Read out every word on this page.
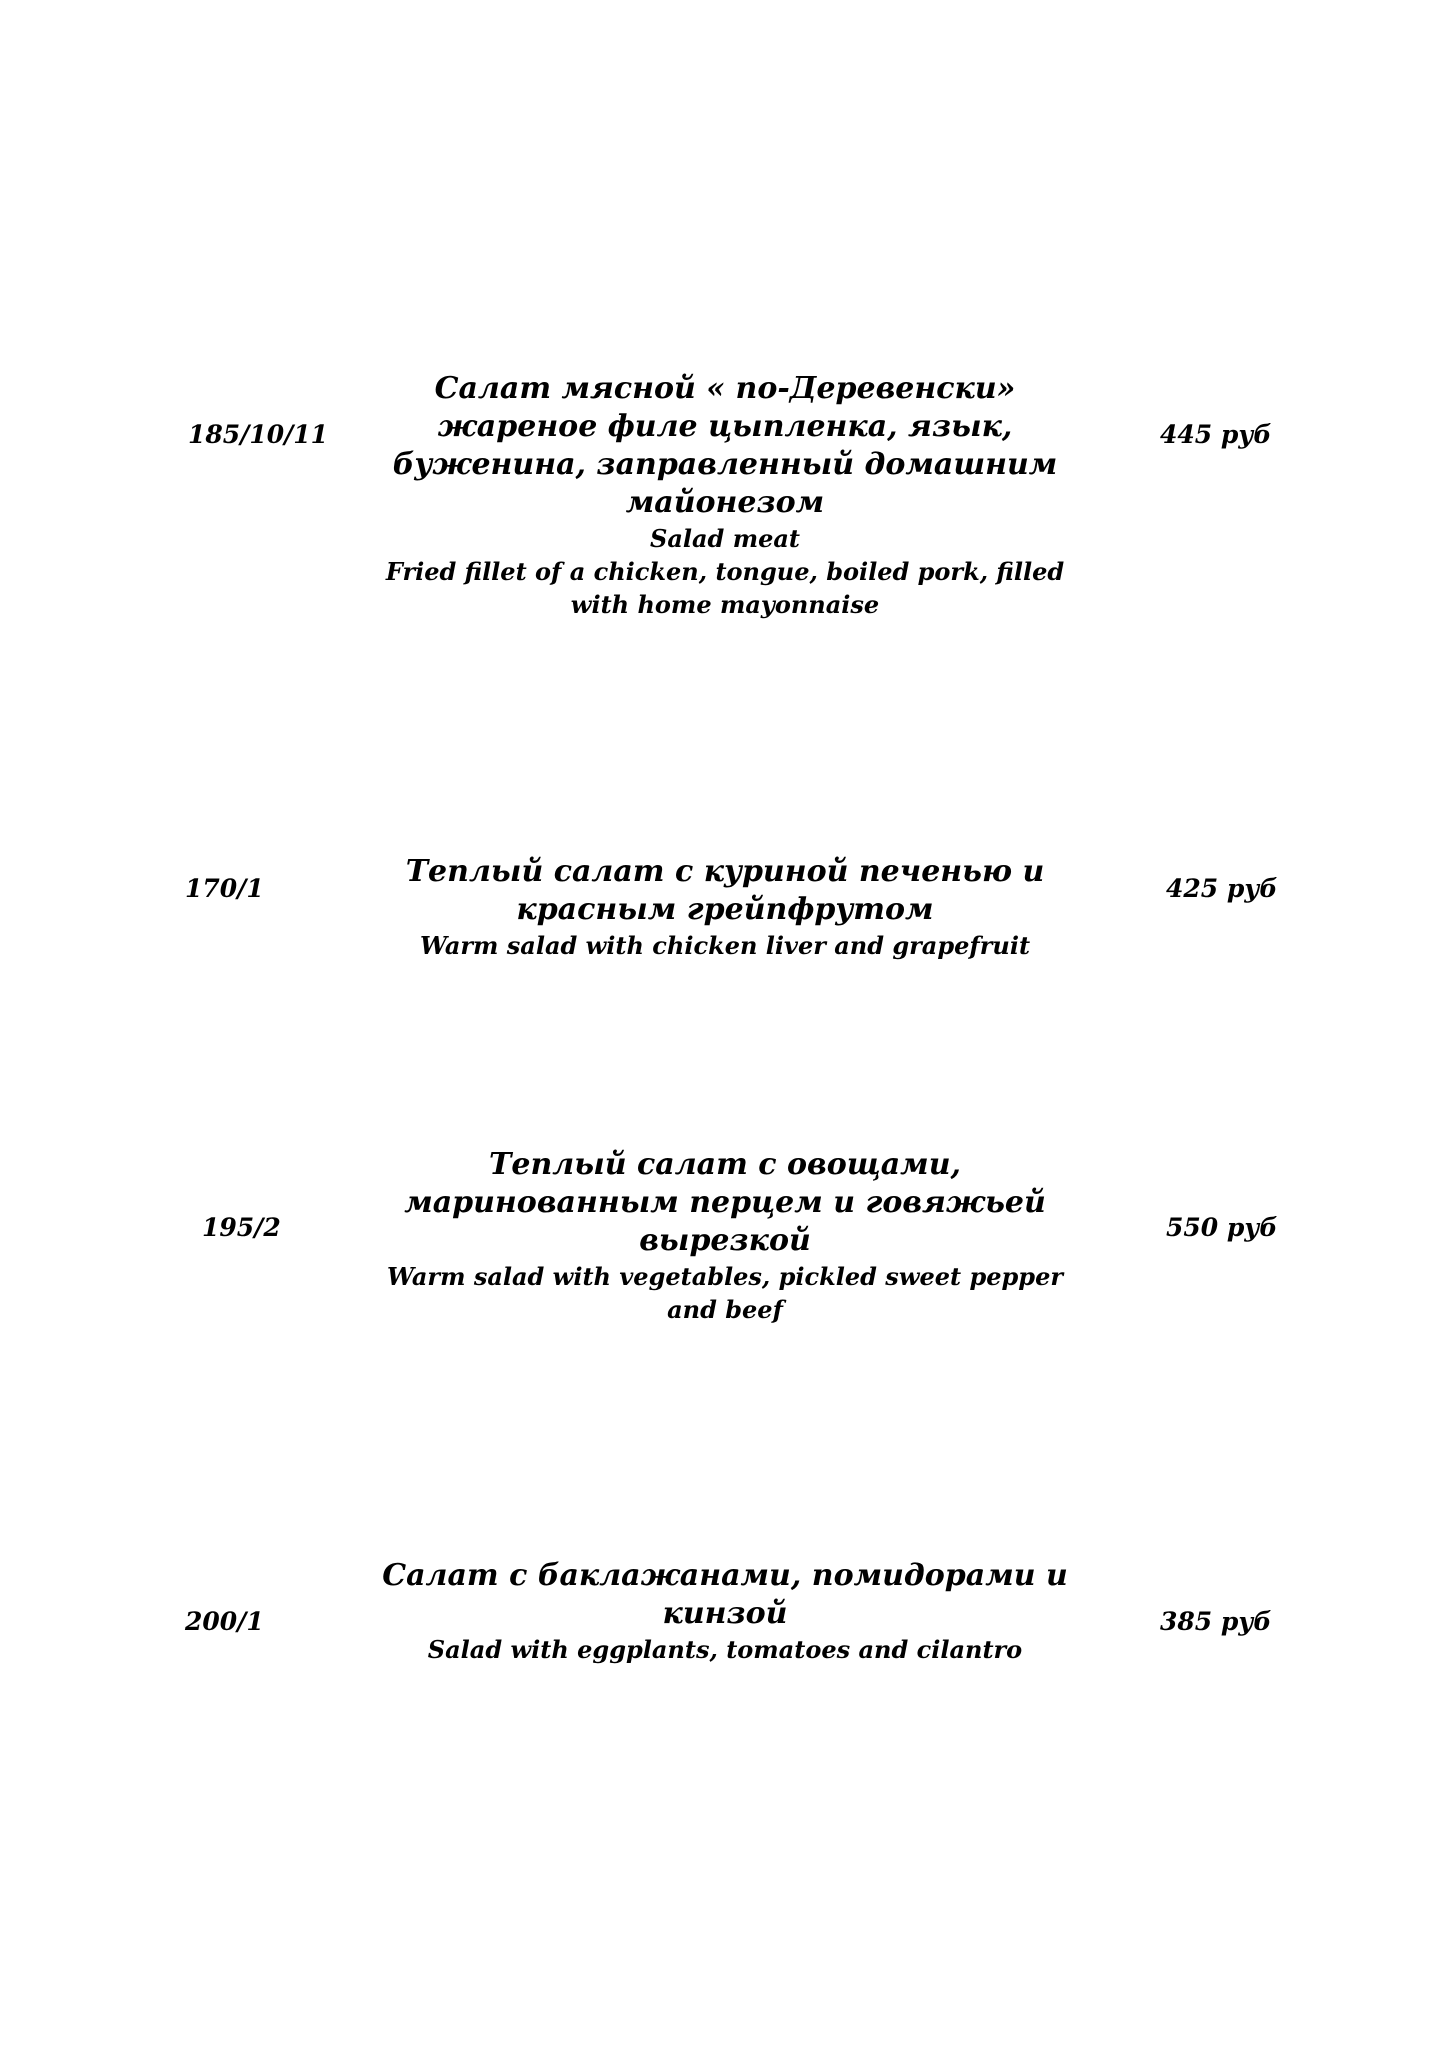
185/10/11
Салат мясной « по-Деревенски»
жареное филе цыпленка, язык,
буженина, заправленный домашним
майонезом
Salad meat
Fried fillet of a chicken, tongue, boiled pork, filled
with home mayonnaise
445 руб
170/1	Теплый салат с куриной печенью и
красным грейпфрутом
Warm salad with chicken liver and grapefruit
425 руб
195/2
Теплый салат с овощами,
маринованным перцем и говяжьей
вырезкой
Warm salad with vegetables, pickled sweet pepper
and beef
550 руб
200/1
Салат с баклажанами, помидорами и
кинзой
Salad with eggplants, tomatoes and cilantro
385 руб
